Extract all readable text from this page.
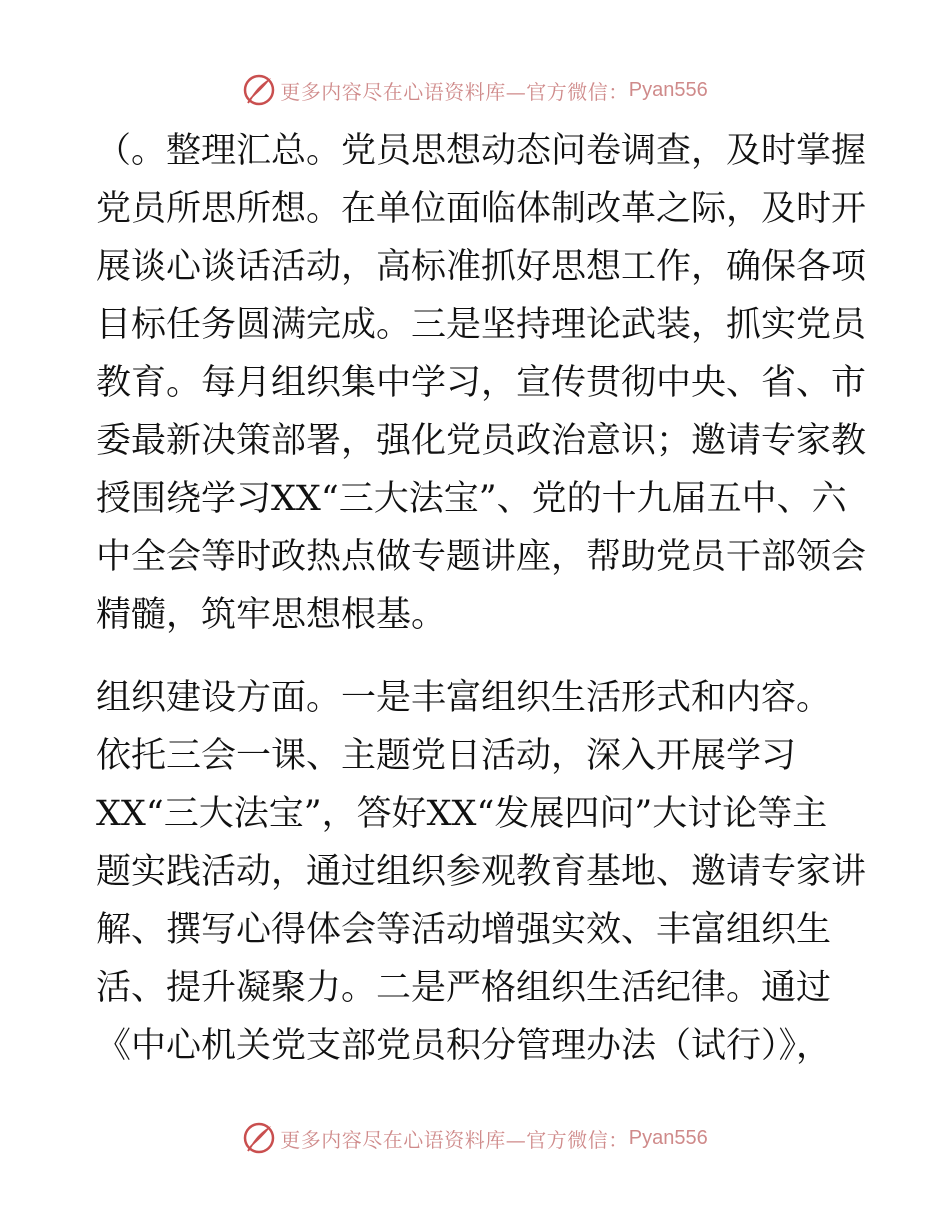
更多内容尽在心语资料库—官方微信： Pyan556
（。整理汇总。党员思想动态问卷调查，及时掌握
党员所思所想。在单位面临体制改革之际，及时开
展谈心谈话活动，高标准抓好思想工作，确保各项
目标任务圆满完成。三是坚持理论武装，抓实党员
教育。每月组织集中学习，宣传贯彻中央、省、市
委最新决策部署，强化党员政治意识；邀请专家教
授围绕学习XX“三大法宝”、党的十九届五中、六
中全会等时政热点做专题讲座，帮助党员干部领会
精髓，筑牢思想根基。
组织建设方面。一是丰富组织生活形式和内容。
依托三会一课、主题党日活动，深入开展学习
XX“三大法宝”，答好XX“发展四问”大讨论等主
题实践活动，通过组织参观教育基地、邀请专家讲
解、撰写心得体会等活动增强实效、丰富组织生
活、提升凝聚力。二是严格组织生活纪律。通过
《中心机关党支部党员积分管理办法（试行）》，
更多内容尽在心语资料库—官方微信： Pyan556
